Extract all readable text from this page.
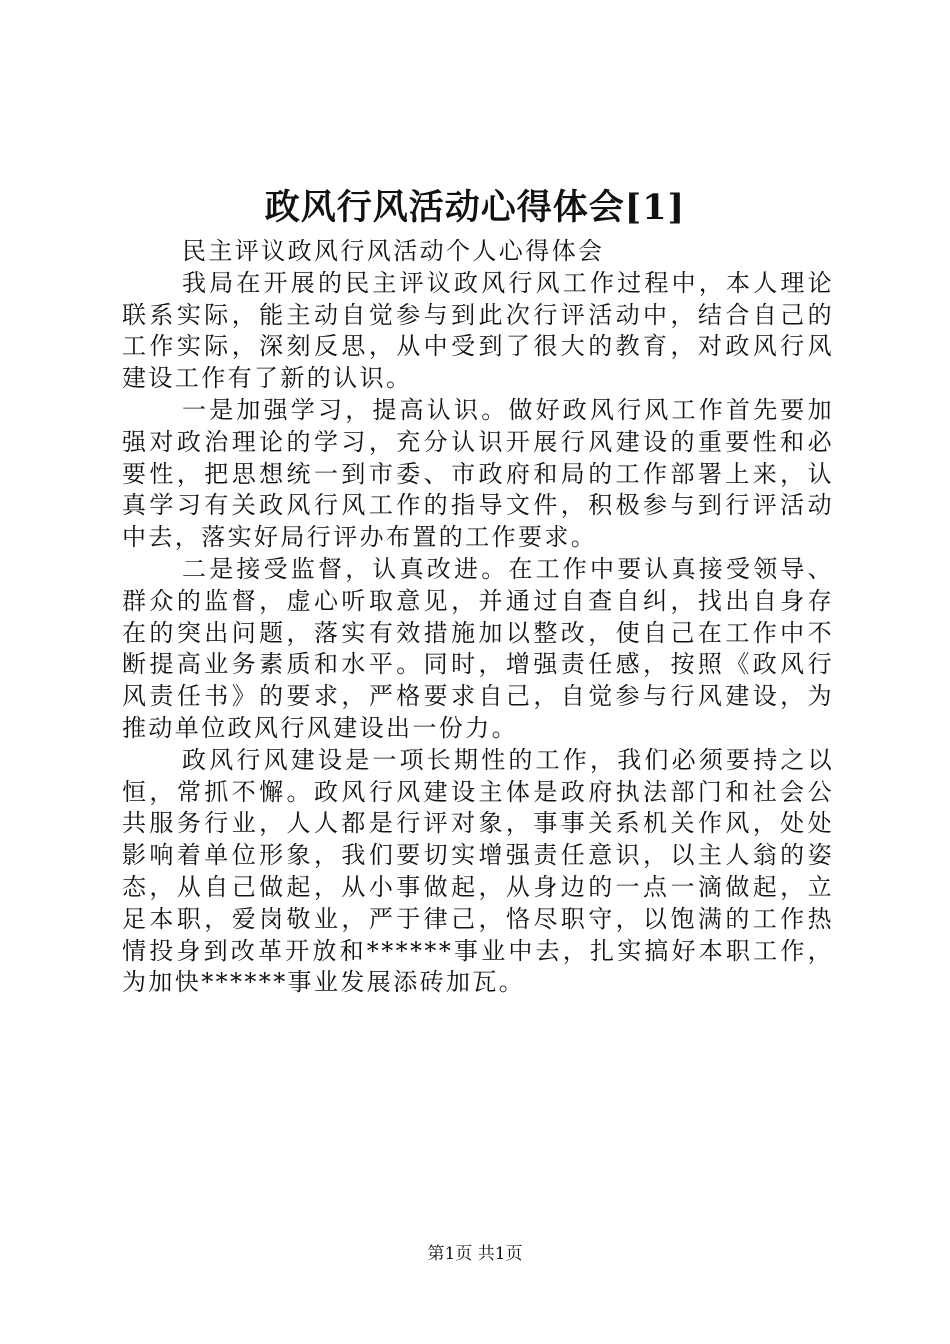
政风行风活动心得体会[1]

民主评议政风行风活动个人心得体会

我局在开展的民主评议政风行风工作过程中，本人理论联系实际，能主动自觉参与到此次行评活动中，结合自己的工作实际，深刻反思，从中受到了很大的教育，对政风行风建设工作有了新的认识。

一是加强学习，提高认识。做好政风行风工作首先要加强对政治理论的学习，充分认识开展行风建设的重要性和必要性，把思想统一到市委、市政府和局的工作部署上来，认真学习有关政风行风工作的指导文件，积极参与到行评活动中去，落实好局行评办布置的工作要求。

二是接受监督，认真改进。在工作中要认真接受领导、群众的监督，虚心听取意见，并通过自查自纠，找出自身存在的突出问题，落实有效措施加以整改，使自己在工作中不断提高业务素质和水平。同时，增强责任感，按照《政风行风责任书》的要求，严格要求自己，自觉参与行风建设，为推动单位政风行风建设出一份力。

政风行风建设是一项长期性的工作，我们必须要持之以恒，常抓不懈。政风行风建设主体是政府执法部门和社会公共服务行业，人人都是行评对象，事事关系机关作风，处处影响着单位形象，我们要切实增强责任意识，以主人翁的姿态，从自己做起，从小事做起，从身边的一点一滴做起，立足本职，爱岗敬业，严于律己，恪尽职守，以饱满的工作热情投身到改革开放和******事业中去，扎实搞好本职工作，为加快******事业发展添砖加瓦。

第1页 共1页
